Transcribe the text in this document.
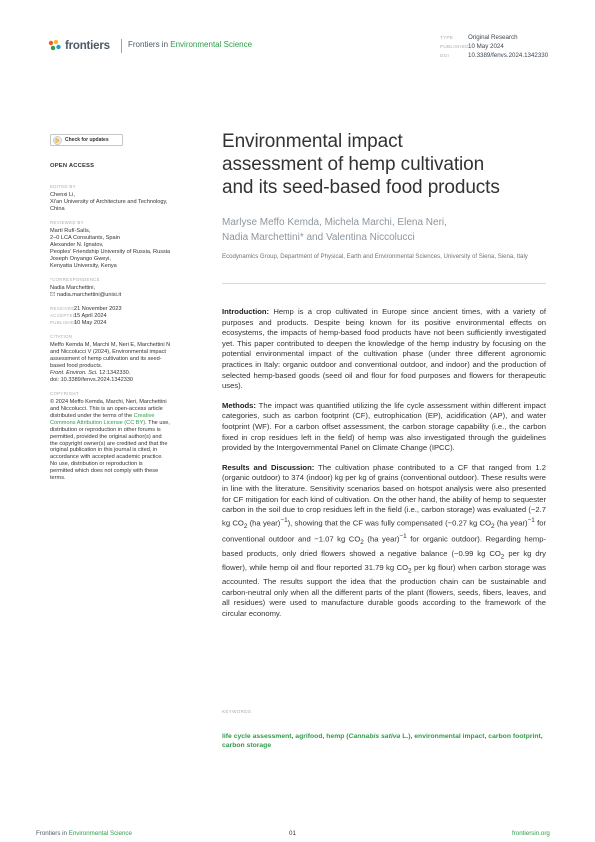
frontiers Frontiers in Environmental Science
TYPE Original Research
PUBLISHED10 May 2024
DOI	10.3389/fenvs.2024.1342330
Check for updates
OPEN ACCESS
EDITED BY
Chenxi Li,
Xi'an University of Architecture and Technology,
China
REVIEWED BY
Martí Rufí-Salís,
2–0 LCA Consultants, Spain
Alexander N. Ignatov,
Peoples' Friendship University of Russia, Russia
Joseph Onyango Gweyi,
Kenyatta University, Kenya
*CORRESPONDENCE
Nadia Marchettini,
nadia.marchettini@unisi.it
RECEIVED21 November 2023
ACCEPTED15 April 2024
PUBLISHED10 May 2024
CITATION
Meffo Kemda M, Marchi M, Neri E, Marchettini N
and Niccolucci V (2024), Environmental impact
assessment of hemp cultivation and its seed-
based food products.
Front. Environ. Sci. 12:1342330.
doi: 10.3389/fenvs.2024.1342330
COPYRIGHT
© 2024 Meffo Kemda, Marchi, Neri, Marchettini
and Niccolucci. This is an open-access article
distributed under the terms of the Creative
Commons Attribution License (CC BY). The use,
distribution or reproduction in other forums is
permitted, provided the original author(s) and
the copyright owner(s) are credited and that the
original publication in this journal is cited, in
accordance with accepted academic practice.
No use, distribution or reproduction is
permitted which does not comply with these
terms.
Environmental impact
assessment of hemp cultivation
and its seed-based food products
Marlyse Meffo Kemda, Michela Marchi, Elena Neri,
Nadia Marchettini* and Valentina Niccolucci
Ecodynamics Group, Department of Physical, Earth and Environmental Sciences, University of Siena, Siena, Italy

Introduction: Hemp is a crop cultivated in Europe since ancient times, with a variety of purposes and products. Despite being known for its positive environmental effects on ecosystems, the impacts of hemp-based food products have not been sufficiently investigated yet. This paper contributed to deepen the knowledge of the hemp industry by focusing on the potential environmental impact of the cultivation phase (under three different agronomic practices in Italy: organic outdoor and conventional outdoor, and indoor) and the production of selected hemp-based goods (seed oil and flour for food purposes and flowers for therapeutic uses).

Methods: The impact was quantified utilizing the life cycle assessment within different impact categories, such as carbon footprint (CF), eutrophication (EP), acidification (AP), and water footprint (WF). For a carbon offset assessment, the carbon storage capability (i.e., the carbon fixed in crop residues left in the field) of hemp was also investigated through the guidelines provided by the Intergovernmental Panel on Climate Change (IPCC).

Results and Discussion: The cultivation phase contributed to a CF that ranged from 1.2 (organic outdoor) to 374 (indoor) kg per kg of grains (conventional outdoor). These results were in line with the literature. Sensitivity scenarios based on hotspot analysis were also presented for CF mitigation for each kind of cultivation. On the other hand, the ability of hemp to sequester carbon in the soil due to crop residues left in the field (i.e., carbon storage) was evaluated (−2.7 kg $CO_2$ (ha year)$^{-1}$), showing that the CF was fully compensated (−0.27 kg $CO_2$ (ha year)$^{-1}$ for conventional outdoor and −1.07 kg $CO_2$ (ha year)$^{-1}$ for organic outdoor). Regarding hemp-based products, only dried flowers showed a negative balance (−0.99 kg $CO_2$ per kg dry flower), while hemp oil and flour reported 31.79 kg $CO_2$ per kg flour) when carbon storage was accounted. The results support the idea that the production chain can be sustainable and carbon-neutral only when all the different parts of the plant (flowers, seeds, fibers, leaves, and all residues) were used to manufacture durable goods according to the framework of the circular economy.

KEYWORDS
life cycle assessment, agrifood, hemp (Cannabis sativa L.), environmental impact, carbon footprint, carbon storage
Frontiers in Environmental Science	01	frontiersin.org
